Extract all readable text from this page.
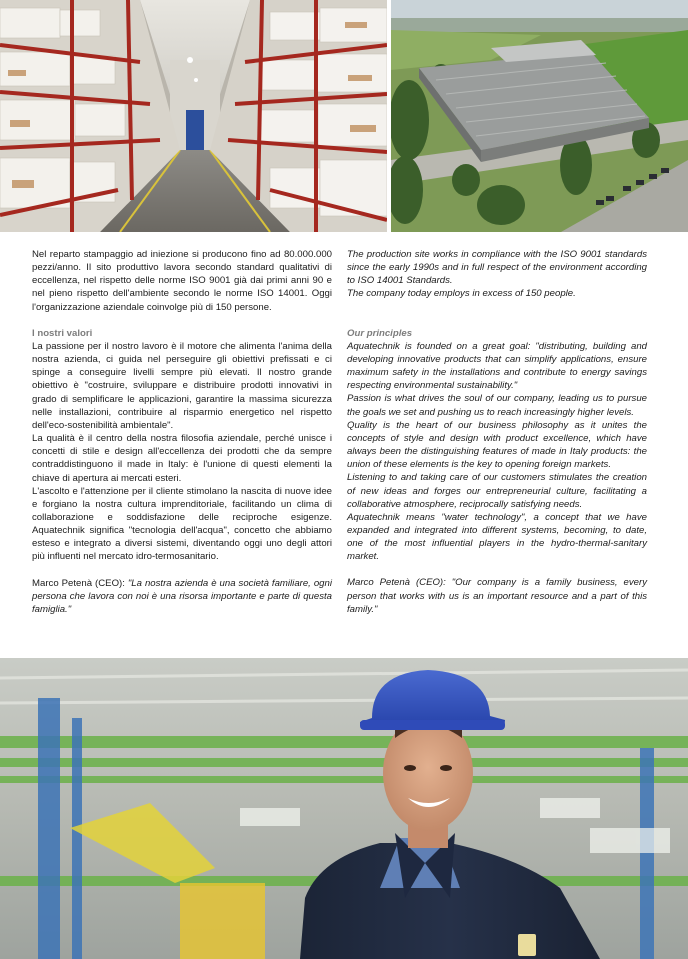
Nel reparto stampaggio ad iniezione si producono fino ad 80.000.000 pezzi/anno. Il sito produttivo lavora secondo standard qualitativi di eccellenza, nel rispetto delle norme ISO 9001 già dai primi anni 90 e nel pieno rispetto dell'ambiente secondo le norme ISO 14001. Oggi l'organizzazione aziendale coinvolge più di 150 persone.

I nostri valori

La passione per il nostro lavoro è il motore che alimenta l'anima della nostra azienda, ci guida nel perseguire gli obiettivi prefissati e ci spinge a conseguire livelli sempre più elevati. Il nostro grande obiettivo è "costruire, sviluppare e distribuire prodotti innovativi in grado di semplificare le applicazioni, garantire la massima sicurezza nelle installazioni, contribuire al risparmio energetico nel rispetto dell'eco-sostenibilità ambientale".

La qualità è il centro della nostra filosofia aziendale, perché unisce i concetti di stile e design all'eccellenza dei prodotti che da sempre contraddistinguono il made in Italy: è l'unione di questi elementi la chiave di apertura ai mercati esteri.

L'ascolto e l'attenzione per il cliente stimolano la nascita di nuove idee e forgiano la nostra cultura imprenditoriale, facilitando un clima di collaborazione e soddisfazione delle reciproche esigenze. Aquatechnik significa "tecnologia dell'acqua", concetto che abbiamo esteso e integrato a diversi sistemi, diventando oggi uno degli attori più influenti nel mercato idro-termosanitario.

Marco Petenà (CEO): "La nostra azienda è una società familiare, ogni persona che lavora con noi è una risorsa importante e parte di questa famiglia."

The production site works in compliance with the ISO 9001 standards since the early 1990s and in full respect of the environment according to ISO 14001 Standards.

The company today employs in excess of 150 people.

Our principles

Aquatechnik is founded on a great goal: "distributing, building and developing innovative products that can simplify applications, ensure maximum safety in the installations and contribute to energy savings respecting environmental sustainability."

Passion is what drives the soul of our company, leading us to pursue the goals we set and pushing us to reach increasingly higher levels.

Quality is the heart of our business philosophy as it unites the concepts of style and design with product excellence, which have always been the distinguishing features of made in Italy products: the union of these elements is the key to opening foreign markets.

Listening to and taking care of our customers stimulates the creation of new ideas and forges our entrepreneurial culture, facilitating a collaborative atmosphere, reciprocally satisfying needs.

Aquatechnik means "water technology", a concept that we have expanded and integrated into different systems, becoming, to date, one of the most influential players in the hydro-thermal-sanitary market.

Marco Petenà (CEO): "Our company is a family business, every person that works with us is an important resource and a part of this family."
